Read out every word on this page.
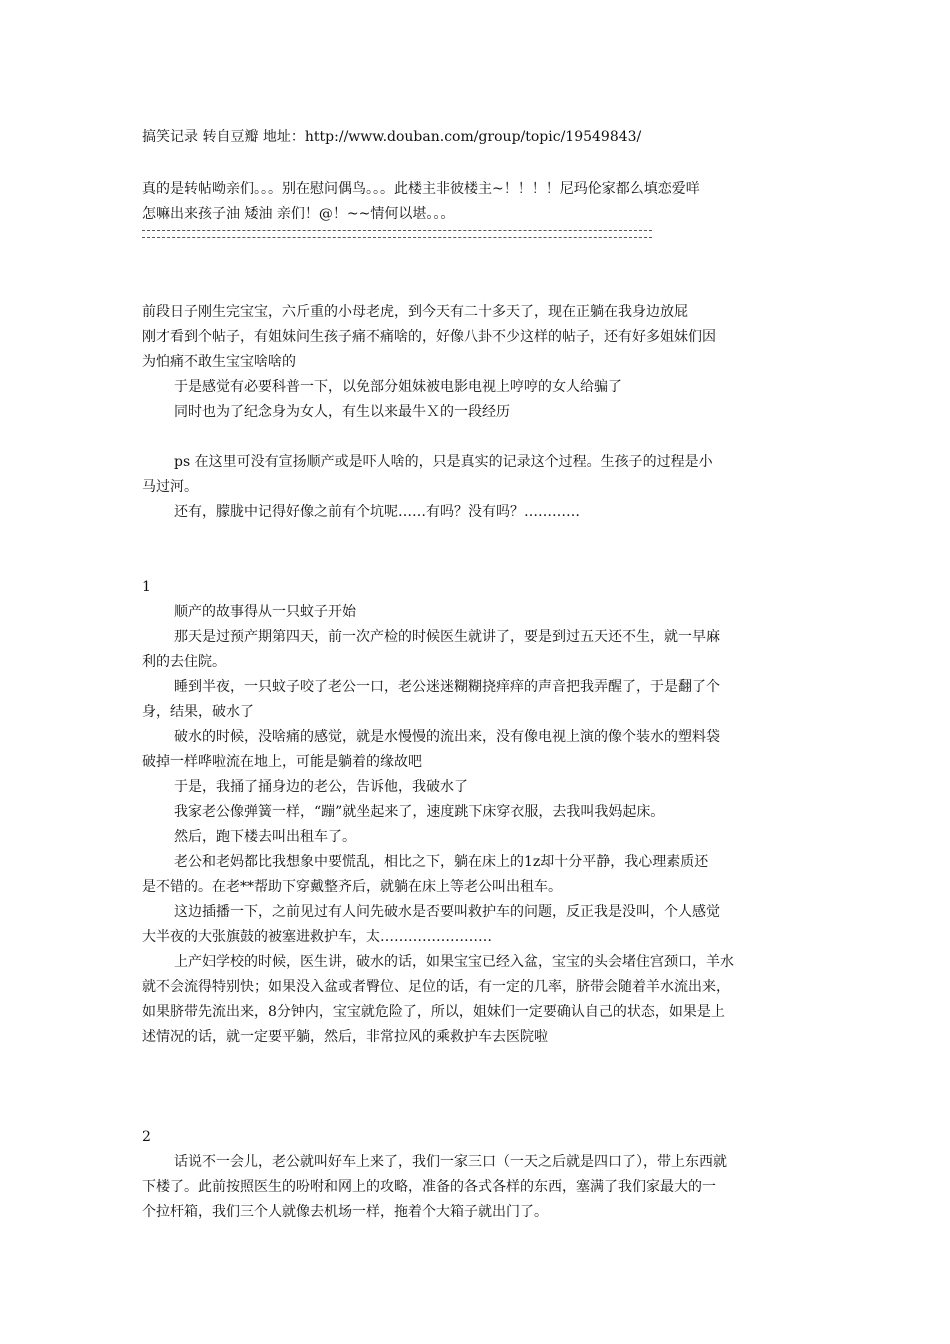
搞笑记录 转自豆瓣 地址：http://www.douban.com/group/topic/19549843/
真的是转帖呦亲们。。。别在慰问偶鸟。。。此楼主非彼楼主~！！！！尼玛伦家都么填恋爱咩
怎嘛出来孩子油 矮油 亲们！@！~~情何以堪。。。
前段日子刚生完宝宝，六斤重的小母老虎，到今天有二十多天了，现在正躺在我身边放屁
刚才看到个帖子，有姐妹问生孩子痛不痛啥的，好像八卦不少这样的帖子，还有好多姐妹们因
为怕痛不敢生宝宝啥啥的
于是感觉有必要科普一下，以免部分姐妹被电影电视上哼哼的女人给骗了
同时也为了纪念身为女人，有生以来最牛Ｘ的一段经历
ps 在这里可没有宣扬顺产或是吓人啥的，只是真实的记录这个过程。生孩子的过程是小
马过河。
还有，朦胧中记得好像之前有个坑呢……有吗？没有吗？…………
1
顺产的故事得从一只蚊子开始
那天是过预产期第四天，前一次产检的时候医生就讲了，要是到过五天还不生，就一早麻
利的去住院。
睡到半夜，一只蚊子咬了老公一口，老公迷迷糊糊挠痒痒的声音把我弄醒了，于是翻了个
身，结果，破水了
破水的时候，没啥痛的感觉，就是水慢慢的流出来，没有像电视上演的像个装水的塑料袋
破掉一样哗啦流在地上，可能是躺着的缘故吧
于是，我捅了捅身边的老公，告诉他，我破水了
我家老公像弹簧一样，“蹦”就坐起来了，速度跳下床穿衣服，去我叫我妈起床。
然后，跑下楼去叫出租车了。
老公和老妈都比我想象中要慌乱，相比之下，躺在床上的1z却十分平静，我心理素质还
是不错的。在老**帮助下穿戴整齐后，就躺在床上等老公叫出租车。
这边插播一下，之前见过有人问先破水是否要叫救护车的问题，反正我是没叫，个人感觉
大半夜的大张旗鼓的被塞进救护车，太……………………
上产妇学校的时候，医生讲，破水的话，如果宝宝已经入盆，宝宝的头会堵住宫颈口，羊水
就不会流得特别快；如果没入盆或者臀位、足位的话，有一定的几率，脐带会随着羊水流出来，
如果脐带先流出来，8分钟内，宝宝就危险了，所以，姐妹们一定要确认自己的状态，如果是上
述情况的话，就一定要平躺，然后，非常拉风的乘救护车去医院啦
2
话说不一会儿，老公就叫好车上来了，我们一家三口（一天之后就是四口了），带上东西就
下楼了。此前按照医生的吩咐和网上的攻略，准备的各式各样的东西，塞满了我们家最大的一
个拉杆箱，我们三个人就像去机场一样，拖着个大箱子就出门了。
